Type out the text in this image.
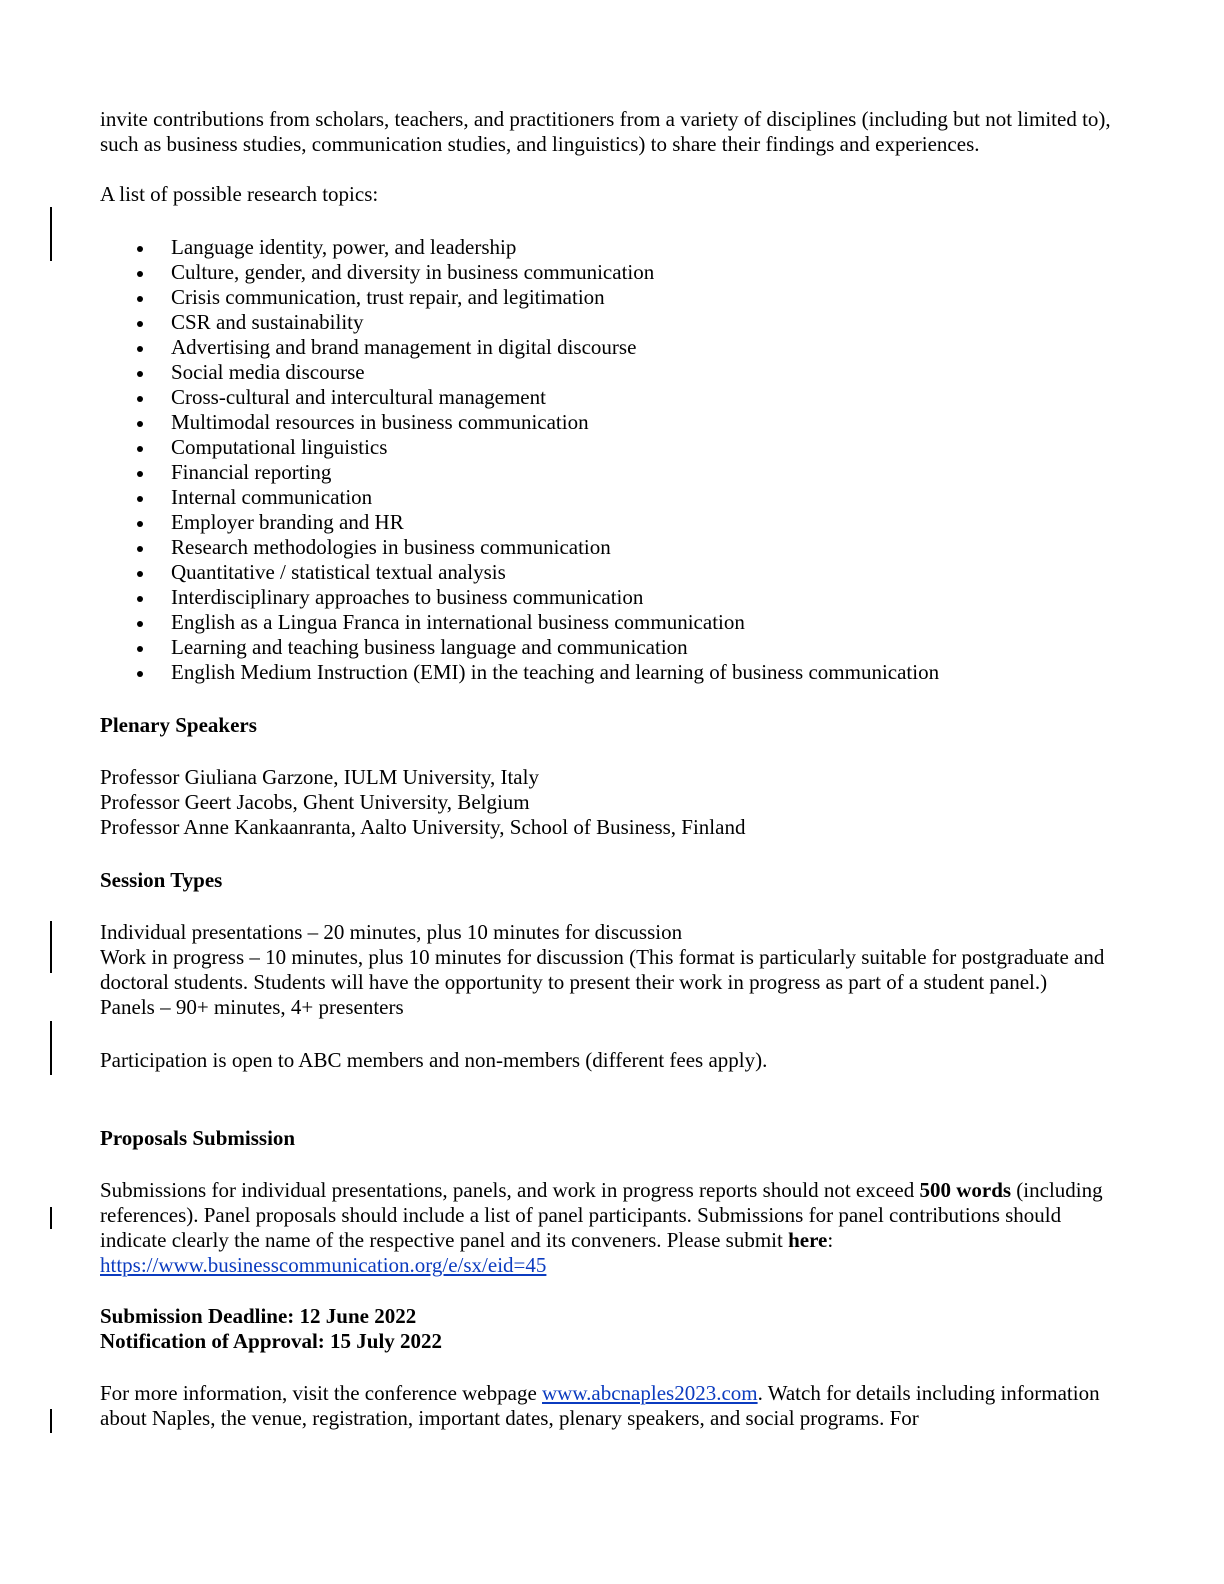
invite contributions from scholars, teachers, and practitioners from a variety of disciplines (including but not limited to), such as business studies, communication studies, and linguistics) to share their findings and experiences.

A list of possible research topics:

Language identity, power, and leadership
Culture, gender, and diversity in business communication
Crisis communication, trust repair, and legitimation
CSR and sustainability
Advertising and brand management in digital discourse
Social media discourse
Cross-cultural and intercultural management
Multimodal resources in business communication
Computational linguistics
Financial reporting
Internal communication
Employer branding and HR
Research methodologies in business communication
Quantitative / statistical textual analysis
Interdisciplinary approaches to business communication
English as a Lingua Franca in international business communication
Learning and teaching business language and communication
English Medium Instruction (EMI) in the teaching and learning of business communication

Plenary Speakers

Professor Giuliana Garzone, IULM University, Italy

Professor Geert Jacobs, Ghent University, Belgium

Professor Anne Kankaanranta, Aalto University, School of Business, Finland

Session Types

Individual presentations – 20 minutes, plus 10 minutes for discussion

Work in progress – 10 minutes, plus 10 minutes for discussion (This format is particularly suitable for postgraduate and doctoral students. Students will have the opportunity to present their work in progress as part of a student panel.)

Panels – 90+ minutes, 4+ presenters

Participation is open to ABC members and non-members (different fees apply).

Proposals Submission

Submissions for individual presentations, panels, and work in progress reports should not exceed 500 words (including references). Panel proposals should include a list of panel participants. Submissions for panel contributions should indicate clearly the name of the respective panel and its conveners. Please submit here:
https://www.businesscommunication.org/e/sx/eid=45

Submission Deadline: 12 June 2022

Notification of Approval: 15 July 2022

For more information, visit the conference webpage www.abcnaples2023.com. Watch for details including information about Naples, the venue, registration, important dates, plenary speakers, and social programs. For
